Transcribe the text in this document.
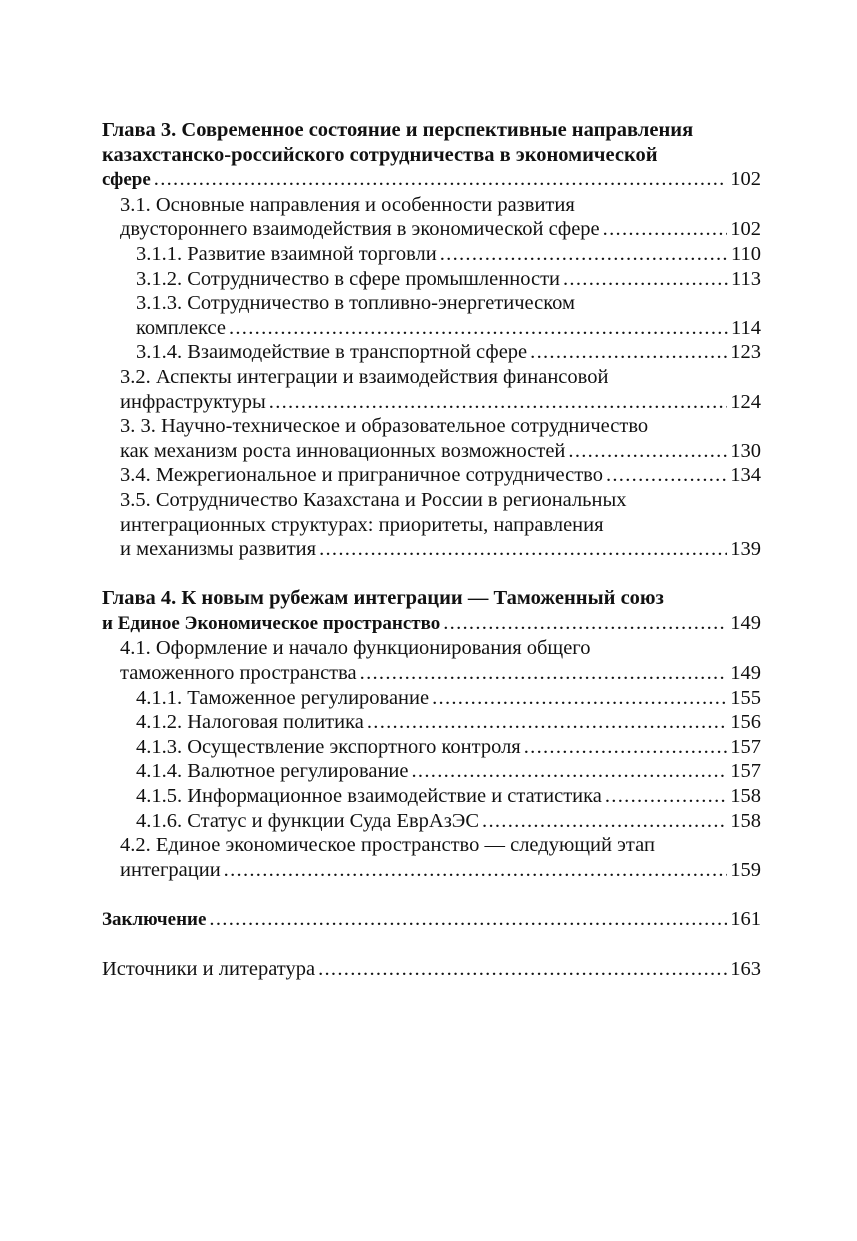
Глава 3. Современное состояние и перспективные направления
казахстанско-российского сотрудничества в экономической
сфере .....	102
3.1. Основные направления и особенности развития
двустороннего взаимодействия в экономической сфере .....	102
3.1.1. Развитие взаимной торговли .....	110
3.1.2. Сотрудничество в сфере промышленности .....	113
3.1.3. Сотрудничество в топливно-энергетическом
комплексе .....	114
3.1.4. Взаимодействие в транспортной сфере .....	123
3.2. Аспекты интеграции и взаимодействия финансовой
инфраструктуры .....	124
3. 3. Научно-техническое и образовательное сотрудничество
как механизм роста инновационных возможностей .....	130
3.4. Межрегиональное и приграничное сотрудничество .....	134
3.5. Сотрудничество Казахстана и России в региональных
интеграционных структурах: приоритеты, направления
и механизмы развития .....	139
Глава 4. К новым рубежам интеграции — Таможенный союз
и Единое Экономическое пространство .....	149
4.1. Оформление и начало функционирования общего
таможенного пространства .....	149
4.1.1. Таможенное регулирование .....	155
4.1.2. Налоговая политика .....	156
4.1.3. Осуществление экспортного контроля .....	157
4.1.4. Валютное регулирование .....	157
4.1.5. Информационное взаимодействие и статистика .....	158
4.1.6. Статус и функции Суда ЕврАзЭС .....	158
4.2. Единое экономическое пространство — следующий этап
интеграции .....	159
Заключение .....	161
Источники и литература .....	163
